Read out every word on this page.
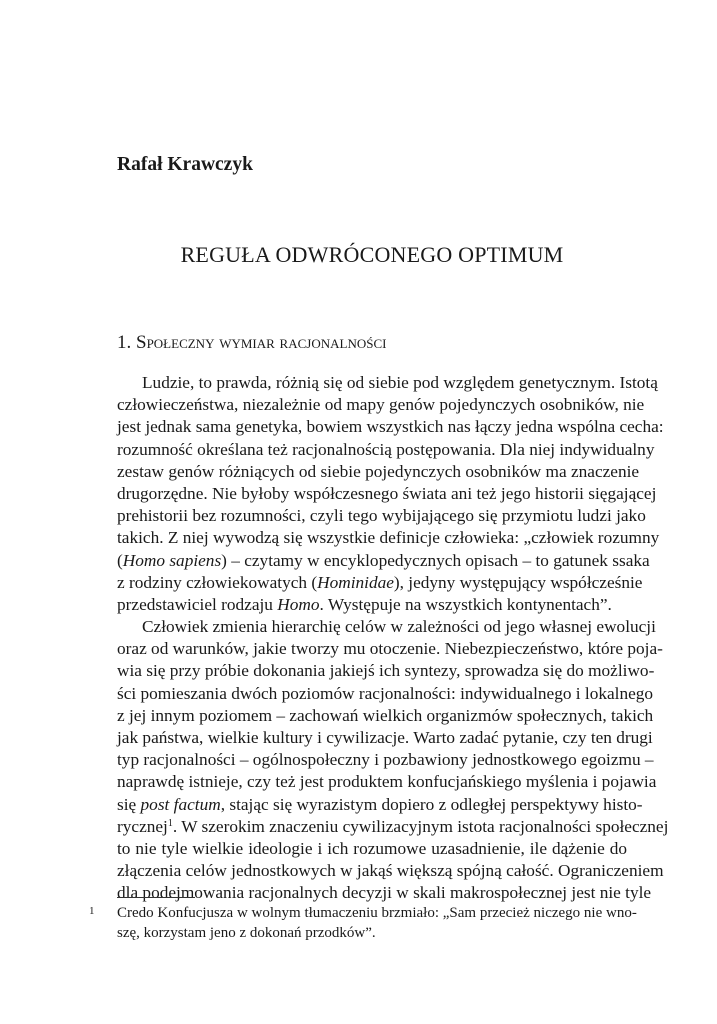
Rafał Krawczyk

REGUŁA ODWRÓCONEGO OPTIMUM
1. Społeczny wymiar racjonalności
Ludzie, to prawda, różnią się od siebie pod względem genetycznym. Istotą
człowieczeństwa, niezależnie od mapy genów pojedynczych osobników, nie
jest jednak sama genetyka, bowiem wszystkich nas łączy jedna wspólna cecha:
rozumność określana też racjonalnością postępowania. Dla niej indywidualny
zestaw genów różniących od siebie pojedynczych osobników ma znaczenie
drugorzędne. Nie byłoby współczesnego świata ani też jego historii sięgającej
prehistorii bez rozumności, czyli tego wybijającego się przymiotu ludzi jako
takich. Z niej wywodzą się wszystkie definicje człowieka: „człowiek rozumny
(Homo sapiens) – czytamy w encyklopedycznych opisach – to gatunek ssaka
z rodziny człowiekowatych (Hominidae), jedyny występujący współcześnie
przedstawiciel rodzaju Homo. Występuje na wszystkich kontynentach”.
Człowiek zmienia hierarchię celów w zależności od jego własnej ewolucji
oraz od warunków, jakie tworzy mu otoczenie. Niebezpieczeństwo, które poja-
wia się przy próbie dokonania jakiejś ich syntezy, sprowadza się do możliwo-
ści pomieszania dwóch poziomów racjonalności: indywidualnego i lokalnego
z jej innym poziomem – zachowań wielkich organizmów społecznych, takich
jak państwa, wielkie kultury i cywilizacje. Warto zadać pytanie, czy ten drugi
typ racjonalności – ogólnospołeczny i pozbawiony jednostkowego egoizmu –
naprawdę istnieje, czy też jest produktem konfucjańskiego myślenia i pojawia
się post factum, stając się wyrazistym dopiero z odległej perspektywy histo-
rycznej$^1$. W szerokim znaczeniu cywilizacyjnym istota racjonalności społecznej
to nie tyle wielkie ideologie i ich rozumowe uzasadnienie, ile dążenie do
złączenia celów jednostkowych w jakąś większą spójną całość. Ograniczeniem
dla podejmowania racjonalnych decyzji w skali makrospołecznej jest nie tyle
1 Credo Konfucjusza w wolnym tłumaczeniu brzmiało: „Sam przecież niczego nie wno-
szę, korzystam jeno z dokonań przodków”.
